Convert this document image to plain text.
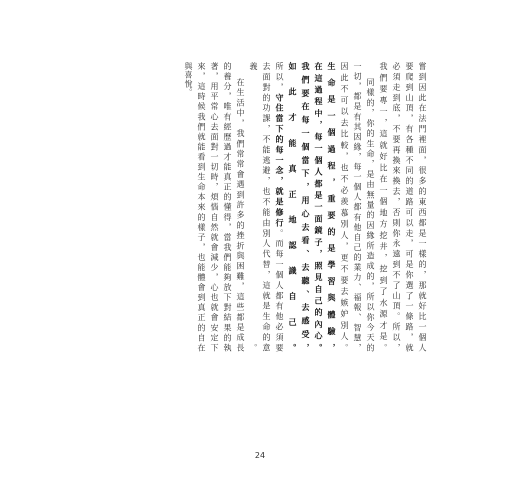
嘗到因此在法門裡面，很多的東西都是一樣的，那就好比一個人

要爬到山頂，有各種不同的道路可以走，可是你選了一條路，就

必須走到底，不要再換來換去，否則你永遠到不了山頂。所以，

我們要專一，這就好比在一個地方挖井，挖到了水源才是。

同樣的，你的生命，是由無量的因緣所造成的，所以你今天的

一切，都是有其因緣，每一個人都有他自己的業力、福報、智慧，

因此不可以去比較，也不必羨慕別人，更不要去嫉妒別人。

生命是一個過程，重要的是學習與體驗，

在這過程中，每一個人都是一面鏡子，照見自己的內心。

我們要在每一個當下，用心去看、去聽、去感受，

如此才能真正地認識自己。

所以，守住當下的每一念，就是修行。而每一個人都有他必須要

去面對的功課，不能逃避，也不能由別人代替，這就是生命的意

義。

在生活中，我們常常會遇到許多的挫折與困難，這些都是成長

的養分，唯有經歷過才能真正的懂得，當我們能夠放下對結果的執

著，用平常心去面對一切時，煩惱自然就會減少，心也就會安定下

來，這時候我們就能看到生命本來的樣子，也能體會到真正的自在

與喜悅。

24
